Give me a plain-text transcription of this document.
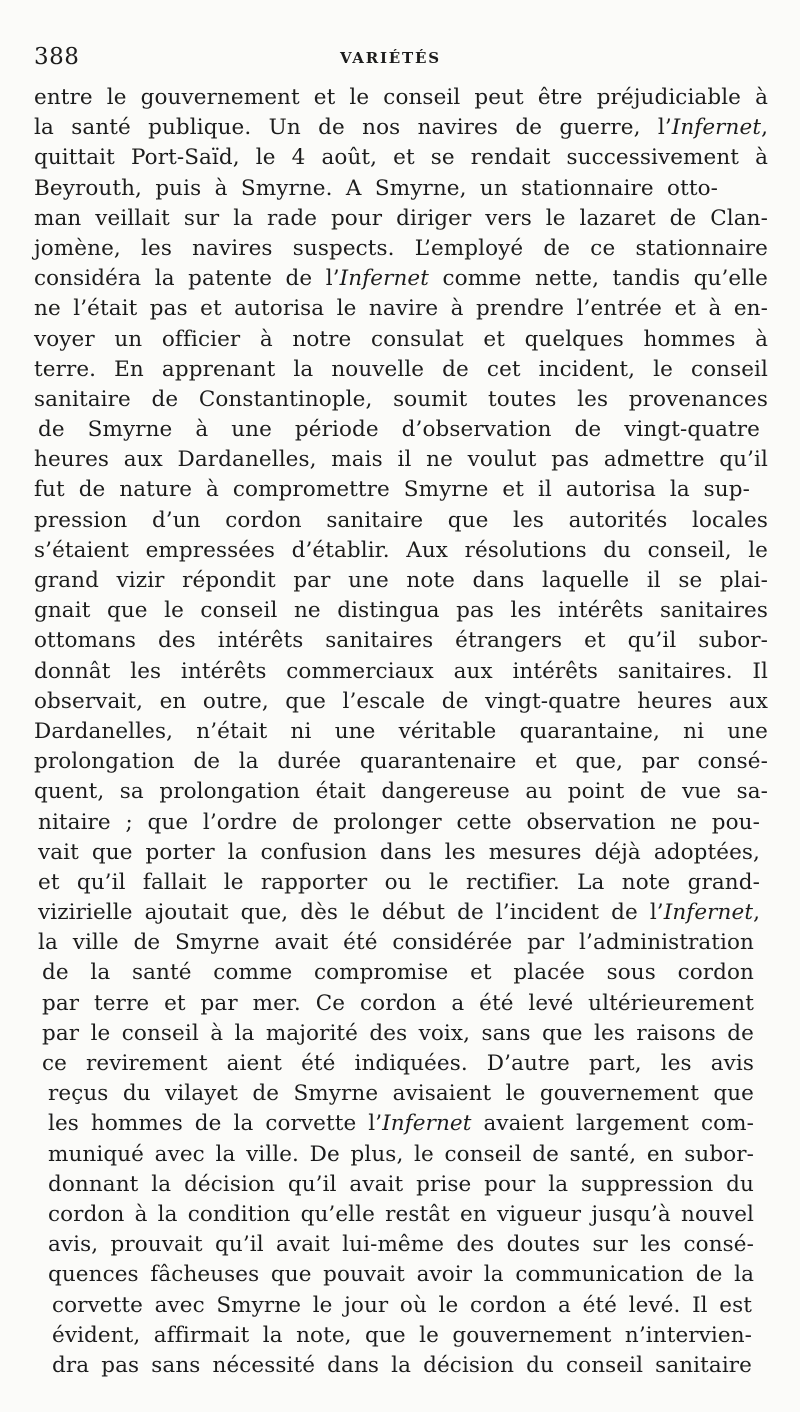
388	VARIÉTÉS
entre le gouvernement et le conseil peut être préjudiciable à
la santé publique. Un de nos navires de guerre, l’Infernet,
quittait Port-Saïd, le 4 août, et se rendait successivement à
Beyrouth, puis à Smyrne. A Smyrne, un stationnaire otto-
man veillait sur la rade pour diriger vers le lazaret de Clan-
jomène, les navires suspects. L’employé de ce stationnaire
considéra la patente de l’Infernet comme nette, tandis qu’elle
ne l’était pas et autorisa le navire à prendre l’entrée et à en-
voyer un officier à notre consulat et quelques hommes à
terre. En apprenant la nouvelle de cet incident, le conseil
sanitaire de Constantinople, soumit toutes les provenances
de Smyrne à une période d’observation de vingt-quatre
heures aux Dardanelles, mais il ne voulut pas admettre qu’il
fut de nature à compromettre Smyrne et il autorisa la sup-
pression d’un cordon sanitaire que les autorités locales
s’étaient empressées d’établir. Aux résolutions du conseil, le
grand vizir répondit par une note dans laquelle il se plai-
gnait que le conseil ne distingua pas les intérêts sanitaires
ottomans des intérêts sanitaires étrangers et qu’il subor-
donnât les intérêts commerciaux aux intérêts sanitaires. Il
observait, en outre, que l’escale de vingt-quatre heures aux
Dardanelles, n’était ni une véritable quarantaine, ni une
prolongation de la durée quarantenaire et que, par consé-
quent, sa prolongation était dangereuse au point de vue sa-
nitaire ; que l’ordre de prolonger cette observation ne pou-
vait que porter la confusion dans les mesures déjà adoptées,
et qu’il fallait le rapporter ou le rectifier. La note grand-
vizirielle ajoutait que, dès le début de l’incident de l’Infernet,
la ville de Smyrne avait été considérée par l’administration
de la santé comme compromise et placée sous cordon
par terre et par mer. Ce cordon a été levé ultérieurement
par le conseil à la majorité des voix, sans que les raisons de
ce revirement aient été indiquées. D’autre part, les avis
reçus du vilayet de Smyrne avisaient le gouvernement que
les hommes de la corvette l’Infernet avaient largement com-
muniqué avec la ville. De plus, le conseil de santé, en subor-
donnant la décision qu’il avait prise pour la suppression du
cordon à la condition qu’elle restât en vigueur jusqu’à nouvel
avis, prouvait qu’il avait lui-même des doutes sur les consé-
quences fâcheuses que pouvait avoir la communication de la
corvette avec Smyrne le jour où le cordon a été levé. Il est
évident, affirmait la note, que le gouvernement n’intervien-
dra pas sans nécessité dans la décision du conseil sanitaire
